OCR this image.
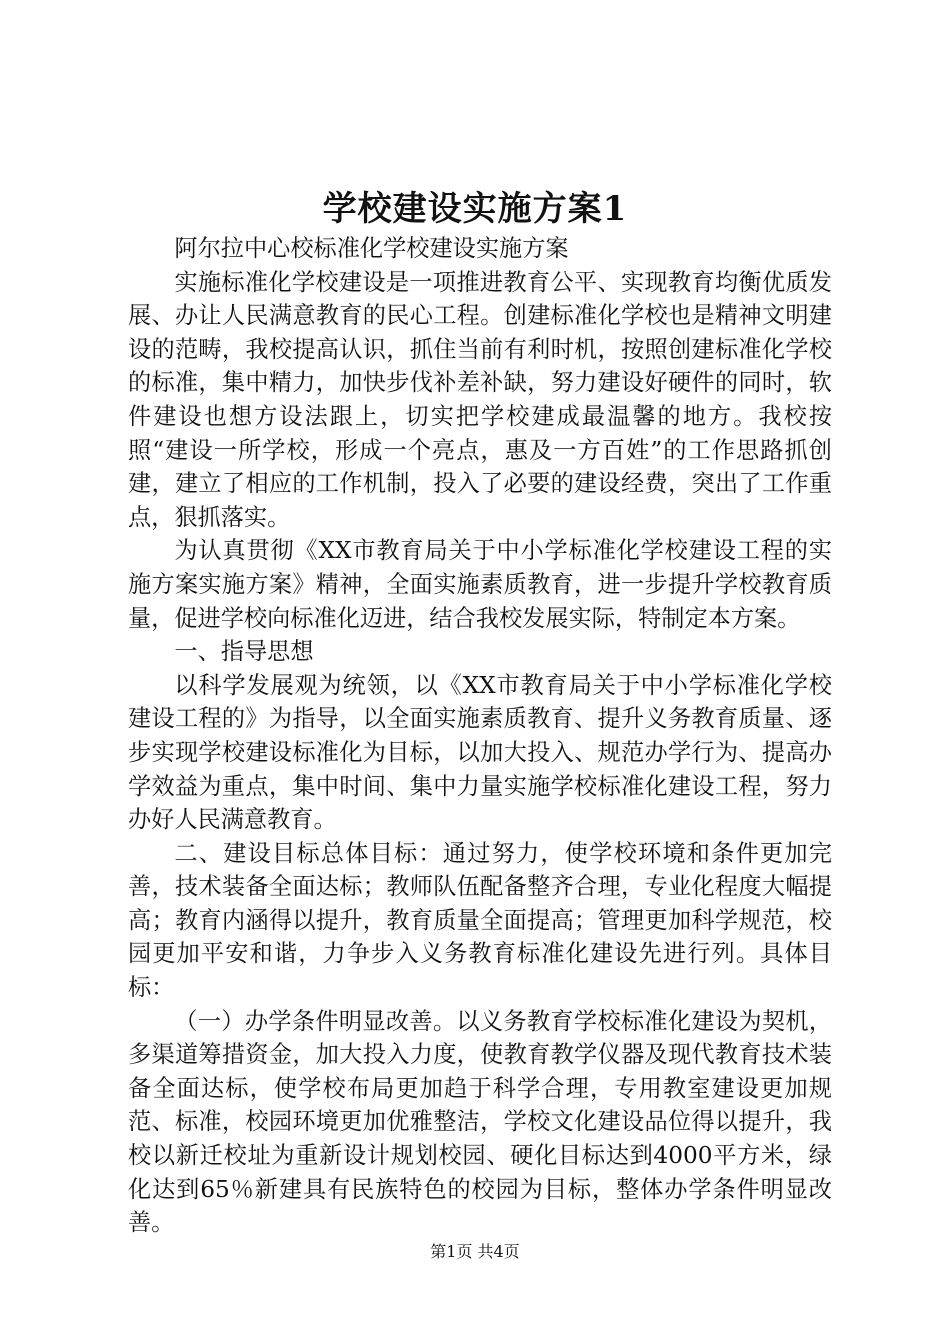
学校建设实施方案1

阿尔拉中心校标准化学校建设实施方案

实施标准化学校建设是一项推进教育公平、实现教育均衡优质发展、办让人民满意教育的民心工程。创建标准化学校也是精神文明建设的范畴，我校提高认识，抓住当前有利时机，按照创建标准化学校的标准，集中精力，加快步伐补差补缺，努力建设好硬件的同时，软件建设也想方设法跟上，切实把学校建成最温馨的地方。我校按照“建设一所学校，形成一个亮点，惠及一方百姓”的工作思路抓创建，建立了相应的工作机制，投入了必要的建设经费，突出了工作重点，狠抓落实。

为认真贯彻《XX市教育局关于中小学标准化学校建设工程的实施方案实施方案》精神，全面实施素质教育，进一步提升学校教育质量，促进学校向标准化迈进，结合我校发展实际，特制定本方案。

一、指导思想

以科学发展观为统领，以《XX市教育局关于中小学标准化学校建设工程的》为指导，以全面实施素质教育、提升义务教育质量、逐步实现学校建设标准化为目标，以加大投入、规范办学行为、提高办学效益为重点，集中时间、集中力量实施学校标准化建设工程，努力办好人民满意教育。

二、建设目标总体目标：通过努力，使学校环境和条件更加完善，技术装备全面达标；教师队伍配备整齐合理，专业化程度大幅提高；教育内涵得以提升，教育质量全面提高；管理更加科学规范，校园更加平安和谐，力争步入义务教育标准化建设先进行列。具体目标：

（一）办学条件明显改善。以义务教育学校标准化建设为契机，多渠道筹措资金，加大投入力度，使教育教学仪器及现代教育技术装备全面达标，使学校布局更加趋于科学合理，专用教室建设更加规范、标准，校园环境更加优雅整洁，学校文化建设品位得以提升，我校以新迁校址为重新设计规划校园、硬化目标达到4000平方米，绿化达到65％新建具有民族特色的校园为目标，整体办学条件明显改善。

第1页 共4页
